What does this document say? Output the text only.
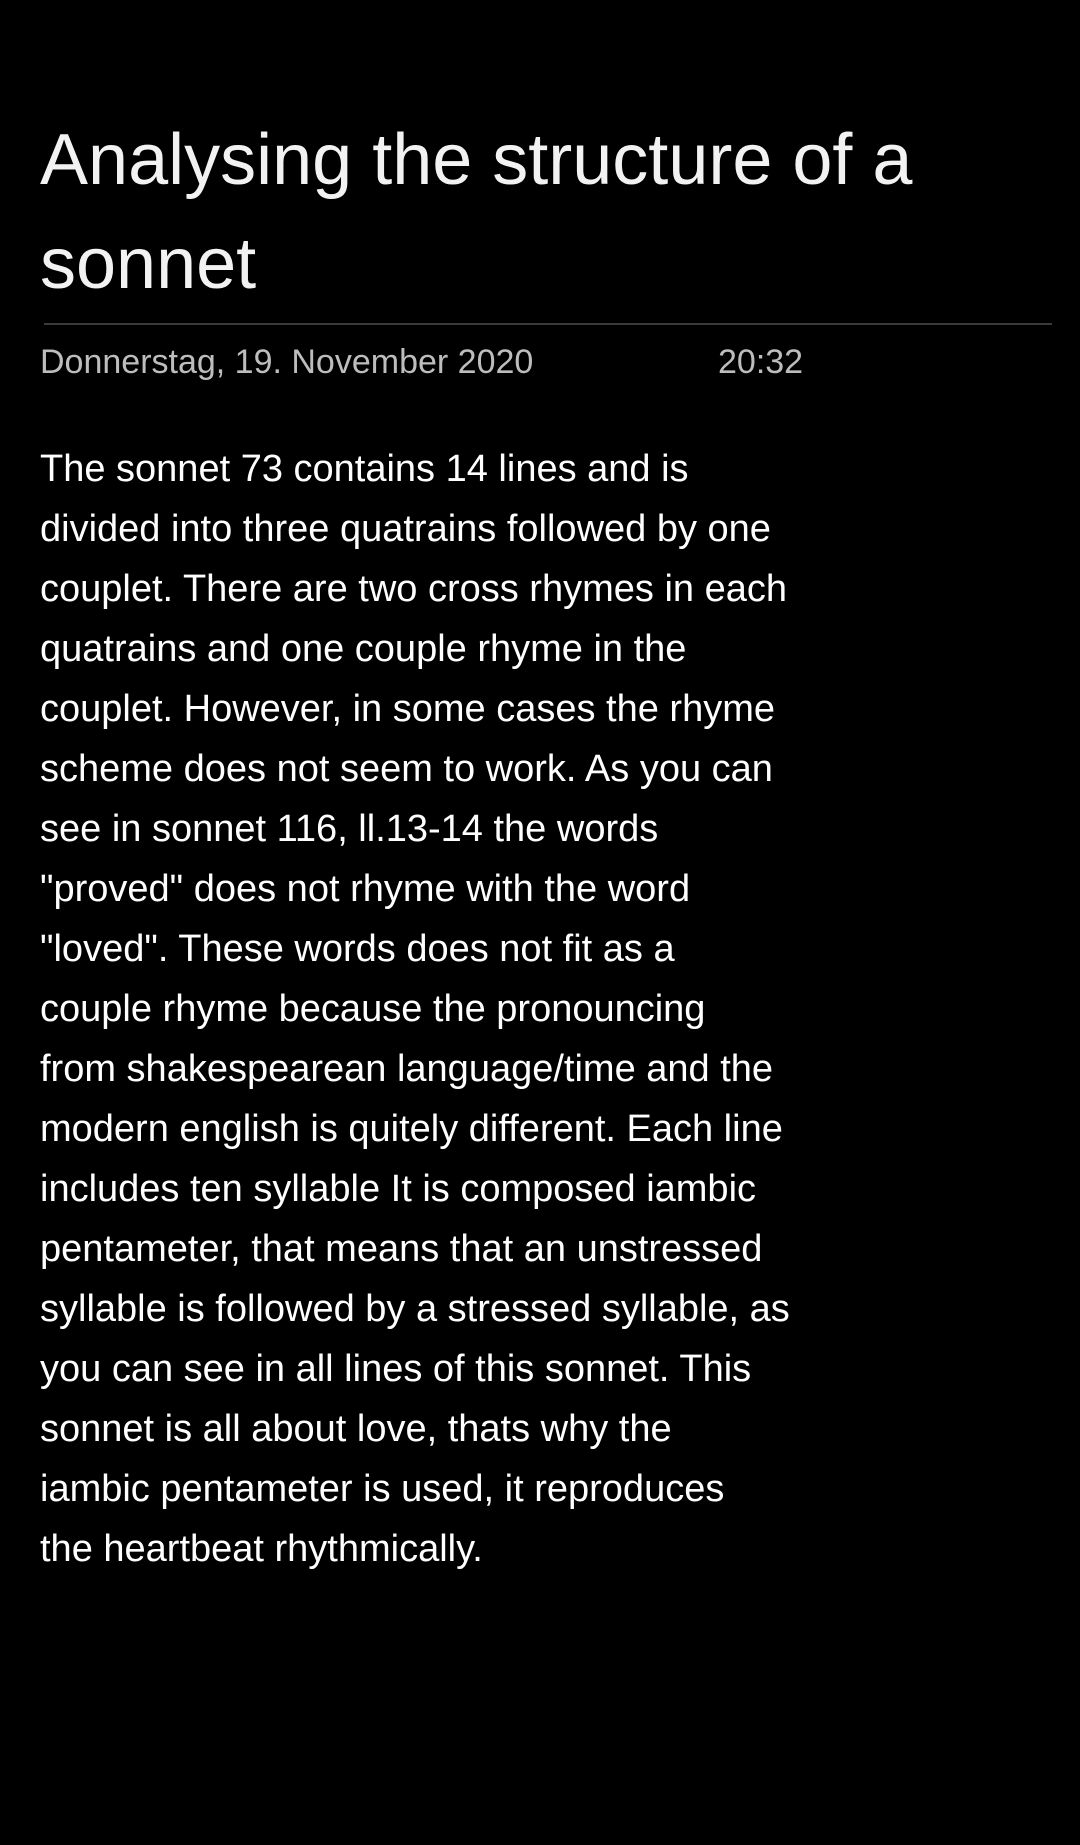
Analysing the structure of a sonnet
Donnerstag, 19. November 2020	20:32

The sonnet 73 contains 14 lines and is
divided into three quatrains followed by one
couplet. There are two cross rhymes in each
quatrains and one couple rhyme in the
couplet. However, in some cases the rhyme
scheme does not seem to work. As you can
see in sonnet 116, ll.13-14 the words
"proved" does not rhyme with the word
"loved". These words does not fit as a
couple rhyme because the pronouncing
from shakespearean language/time and the
modern english is quitely different. Each line
includes ten syllable It is composed iambic
pentameter, that means that an unstressed
syllable is followed by a stressed syllable, as
you can see in all lines of this sonnet. This
sonnet is all about love, thats why the
iambic pentameter is used, it reproduces
the heartbeat rhythmically.
